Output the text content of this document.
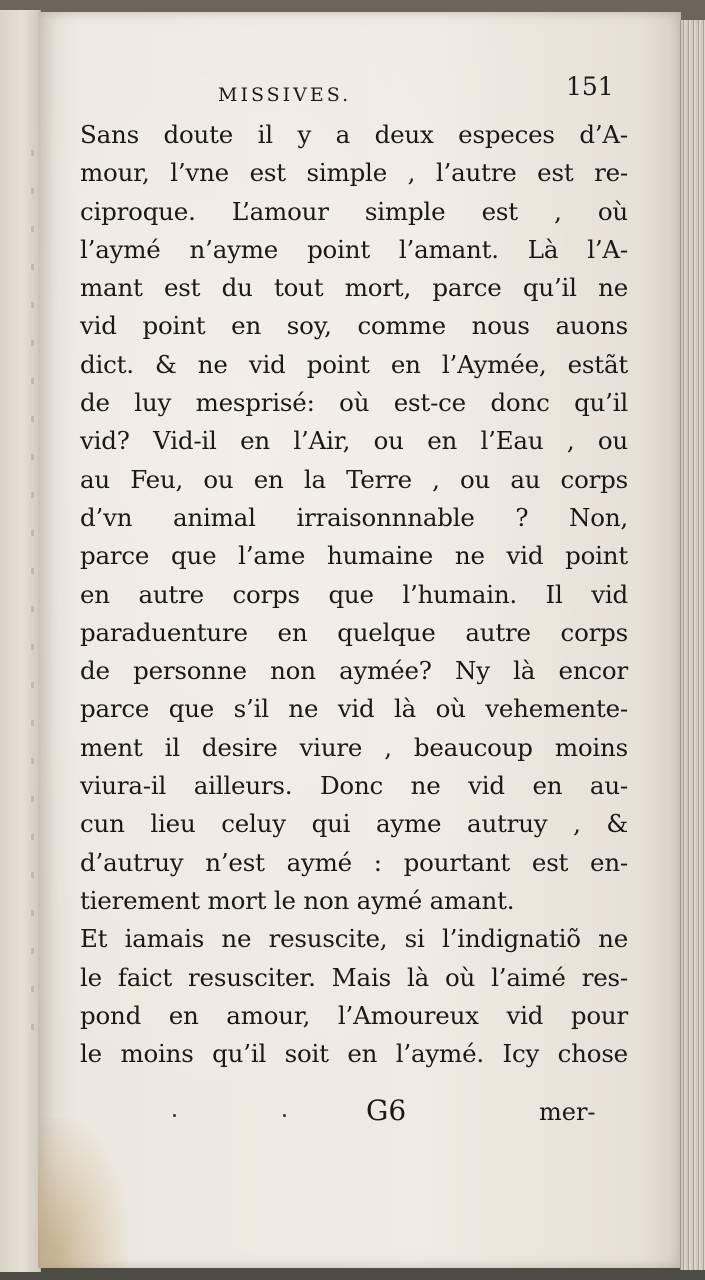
MISSIVES.	151
Sans doute il y a deux especes d’A-
mour, l’vne est simple , l’autre est re-
ciproque. L’amour simple est , où
l’aymé n’ayme point l’amant. Là l’A-
mant est du tout mort, parce qu’il ne
vid point en soy, comme nous auons
dict. & ne vid point en l’Aymée, estãt
de luy mesprisé: où est-ce donc qu’il
vid? Vid-il en l’Air, ou en l’Eau , ou
au Feu, ou en la Terre , ou au corps
d’vn animal irraisonnnable ? Non,
parce que l’ame humaine ne vid point
en autre corps que l’humain. Il vid
paraduenture en quelque autre corps
de personne non aymée? Ny là encor
parce que s’il ne vid là où vehemente-
ment il desire viure , beaucoup moins
viura-il ailleurs. Donc ne vid en au-
cun lieu celuy qui ayme autruy , &
d’autruy n’est aymé : pourtant est en-
tierement mort le non aymé amant.
Et iamais ne resuscite, si l’indignatiõ ne
le faict resusciter. Mais là où l’aimé res-
pond en amour, l’Amoureux vid pour
le moins qu’il soit en l’aymé. Icy chose
G6	mer-
